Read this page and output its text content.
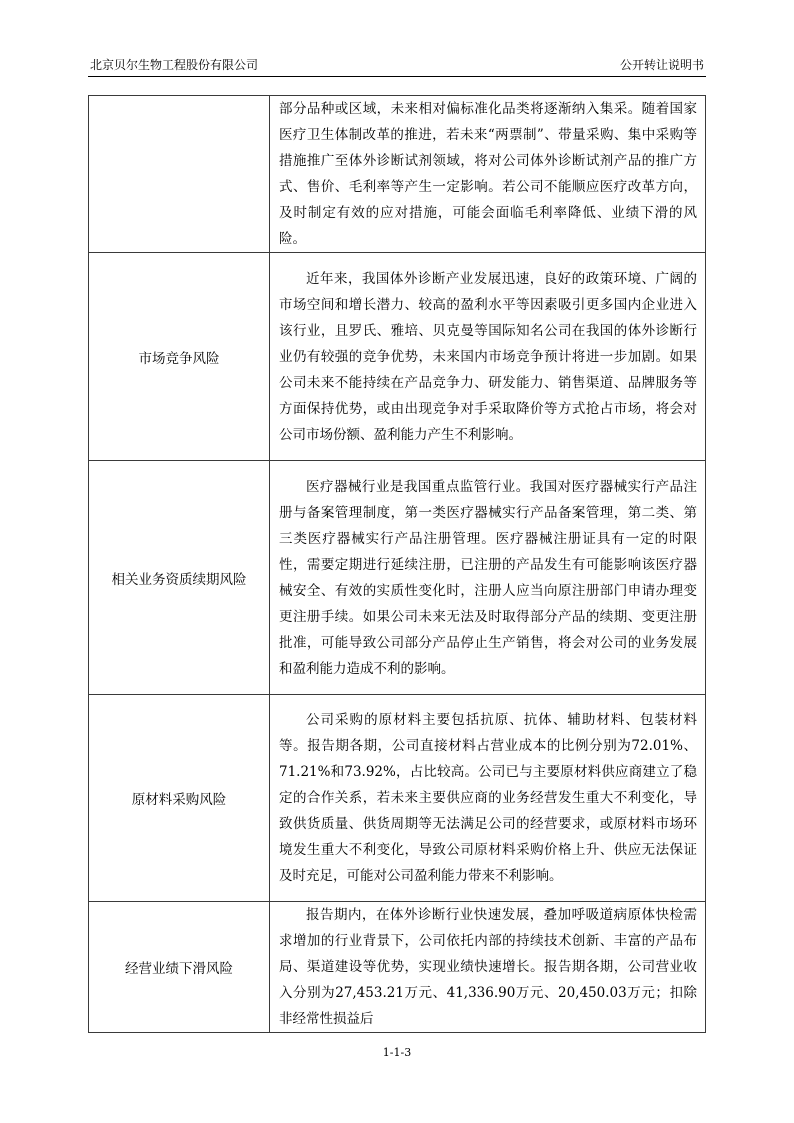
北京贝尔生物工程股份有限公司	公开转让说明书

	部分品种或区域，未来相对偏标准化品类将逐渐纳入集采。随着国家医疗卫生体制改革的推进，若未来“两票制”、带量采购、集中采购等措施推广至体外诊断试剂领域，将对公司体外诊断试剂产品的推广方式、售价、毛利率等产生一定影响。若公司不能顺应医疗改革方向，及时制定有效的应对措施，可能会面临毛利率降低、业绩下滑的风险。

市场竞争风险	近年来，我国体外诊断产业发展迅速，良好的政策环境、广阔的市场空间和增长潜力、较高的盈利水平等因素吸引更多国内企业进入该行业，且罗氏、雅培、贝克曼等国际知名公司在我国的体外诊断行业仍有较强的竞争优势，未来国内市场竞争预计将进一步加剧。如果公司未来不能持续在产品竞争力、研发能力、销售渠道、品牌服务等方面保持优势，或由出现竞争对手采取降价等方式抢占市场，将会对公司市场份额、盈利能力产生不利影响。

相关业务资质续期风险	医疗器械行业是我国重点监管行业。我国对医疗器械实行产品注册与备案管理制度，第一类医疗器械实行产品备案管理，第二类、第三类医疗器械实行产品注册管理。医疗器械注册证具有一定的时限性，需要定期进行延续注册，已注册的产品发生有可能影响该医疗器械安全、有效的实质性变化时，注册人应当向原注册部门申请办理变更注册手续。如果公司未来无法及时取得部分产品的续期、变更注册批准，可能导致公司部分产品停止生产销售，将会对公司的业务发展和盈利能力造成不利的影响。

原材料采购风险	公司采购的原材料主要包括抗原、抗体、辅助材料、包装材料等。报告期各期，公司直接材料占营业成本的比例分别为72.01%、71.21%和73.92%，占比较高。公司已与主要原材料供应商建立了稳定的合作关系，若未来主要供应商的业务经营发生重大不利变化，导致供货质量、供货周期等无法满足公司的经营要求，或原材料市场环境发生重大不利变化，导致公司原材料采购价格上升、供应无法保证及时充足，可能对公司盈利能力带来不利影响。

经营业绩下滑风险	报告期内，在体外诊断行业快速发展，叠加呼吸道病原体快检需求增加的行业背景下，公司依托内部的持续技术创新、丰富的产品布局、渠道建设等优势，实现业绩快速增长。报告期各期，公司营业收入分别为27,453.21万元、41,336.90万元、20,450.03万元；扣除非经常性损益后

1-1-3
